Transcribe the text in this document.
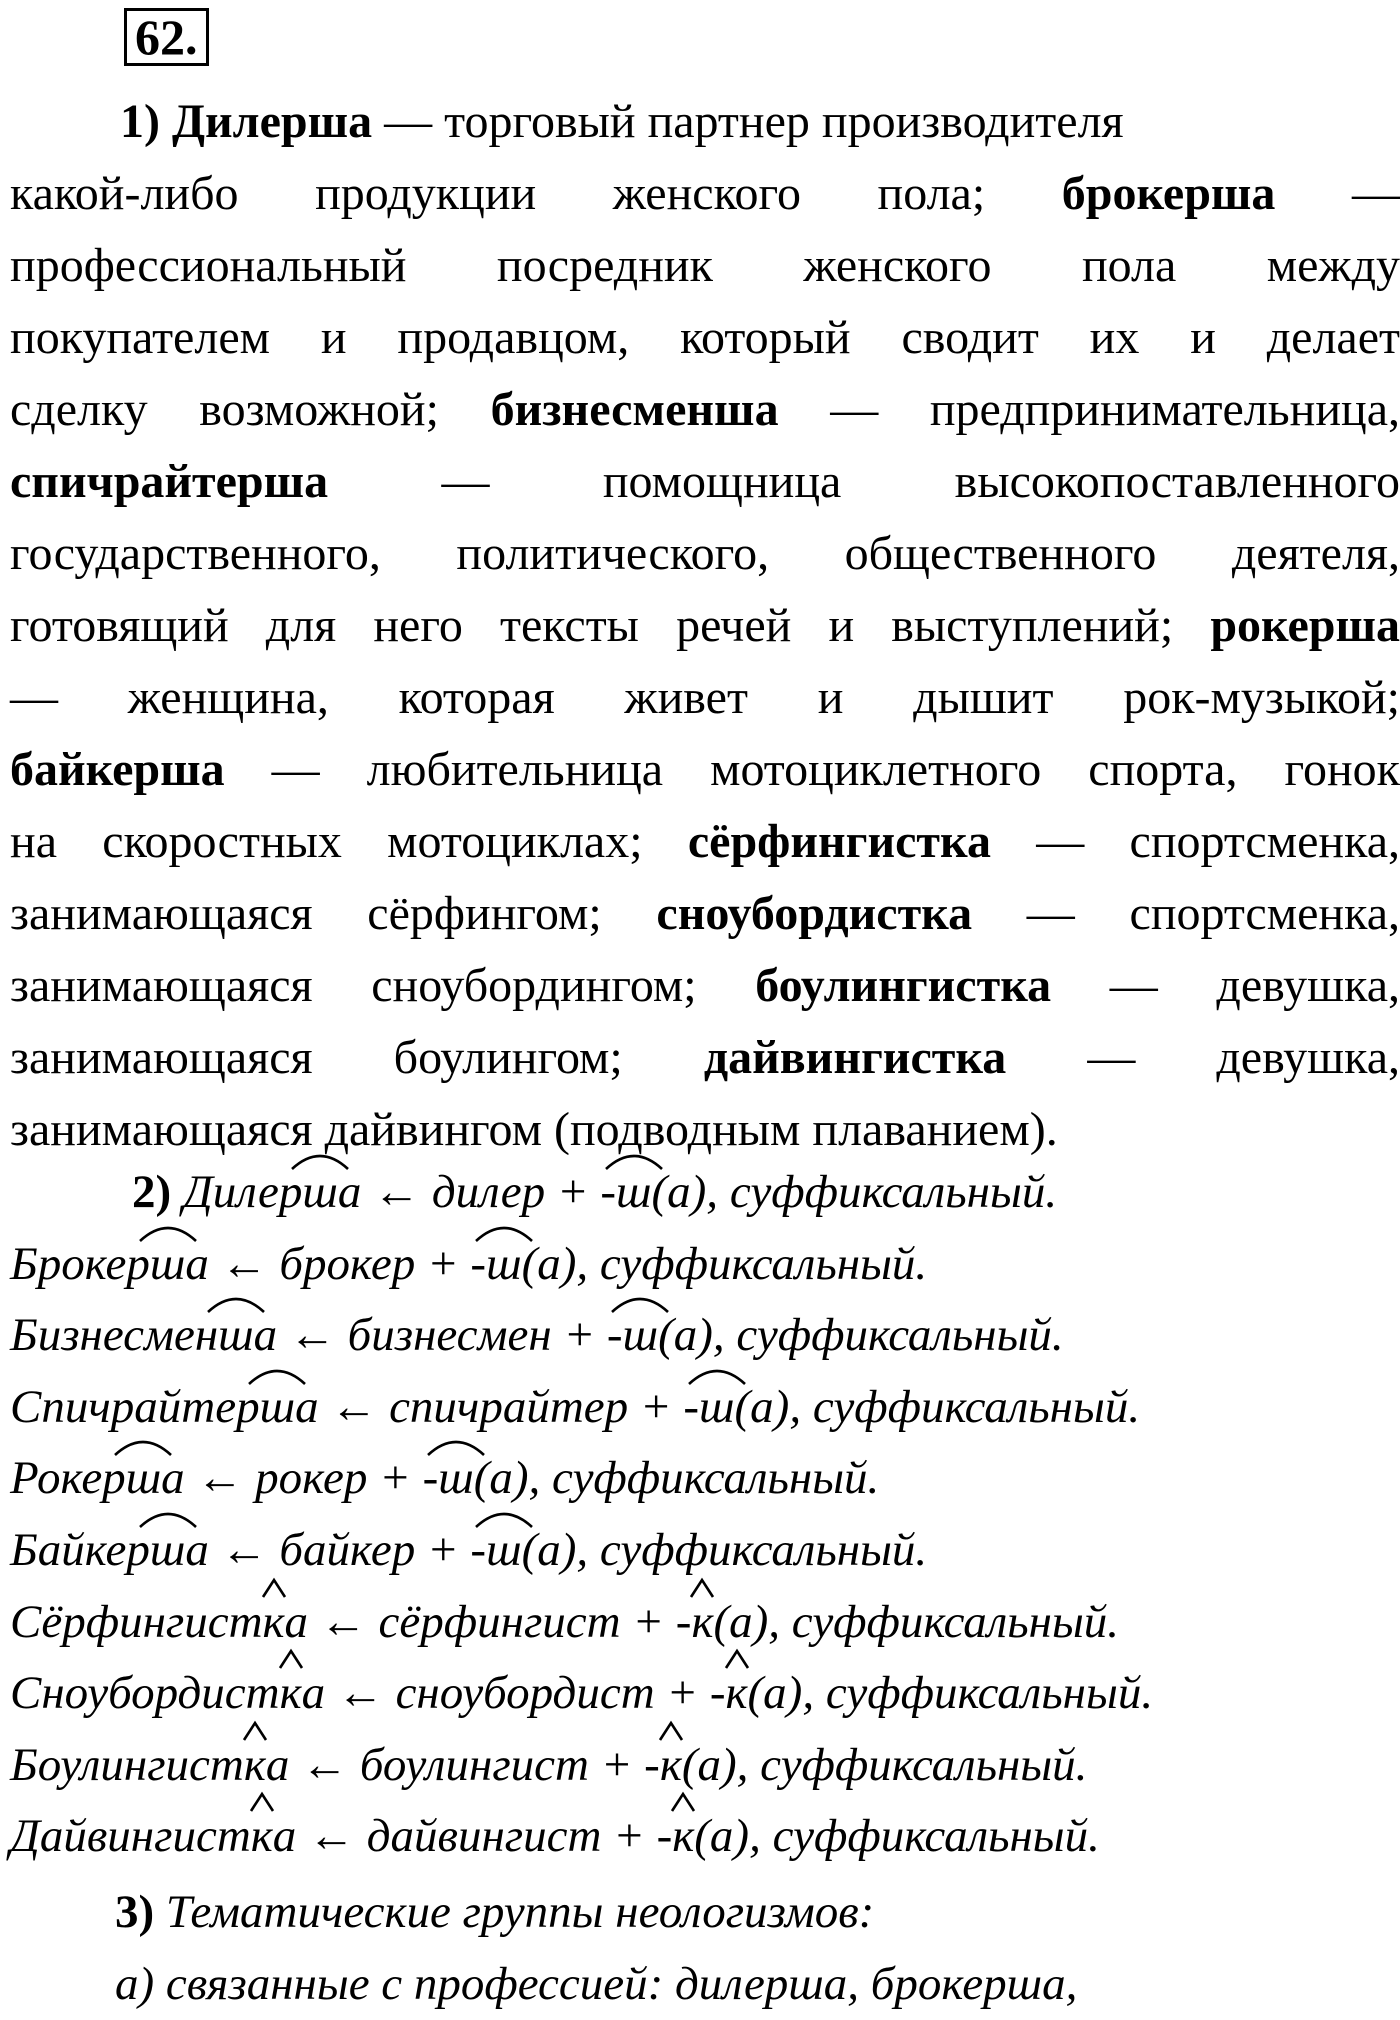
62.
1) Дилерша — торговый партнер производителя
какой-либо продукции женского пола; брокерша —
профессиональный посредник женского пола между
покупателем и продавцом, который сводит их и делает
сделку возможной; бизнесменша — предпринимательница,
спичрайтерша — помощница высокопоставленного
государственного, политического, общественного деятеля,
готовящий для него тексты речей и выступлений; рокерша
— женщина, которая живет и дышит рок-музыкой;
байкерша — любительница мотоциклетного спорта, гонок
на скоростных мотоциклах; сёрфингистка — спортсменка,
занимающаяся сёрфингом; сноубордистка — спортсменка,
занимающаяся сноубордингом; боулингистка — девушка,
занимающаяся боулингом; дайвингистка — девушка,
занимающаяся дайвингом (подводным плаванием).
2) Дилер
ша ← дилер + -
ш(а), суффиксальный.
Брокер
ша ← брокер + -
ш(а), суффиксальный.
Бизнесмен
ша ← бизнесмен + -
ш(а), суффиксальный.
Спичрайтер
ша ← спичрайтер + -
ш(а), суффиксальный.
Рокер
ша ← рокер + -
ш(а), суффиксальный.
Байкер
ша ← байкер + -
ш(а), суффиксальный.
Сёрфингист
ка ← сёрфингист + -
к(а), суффиксальный.
Сноубордист
ка ← сноубордист + -
к(а), суффиксальный.
Боулингист
ка ← боулингист + -
к(а), суффиксальный.
Дайвингист
ка ← дайвингист + -
к(а), суффиксальный.
3) Тематические группы неологизмов:
а) связанные с профессией: дилерша, брокерша,
